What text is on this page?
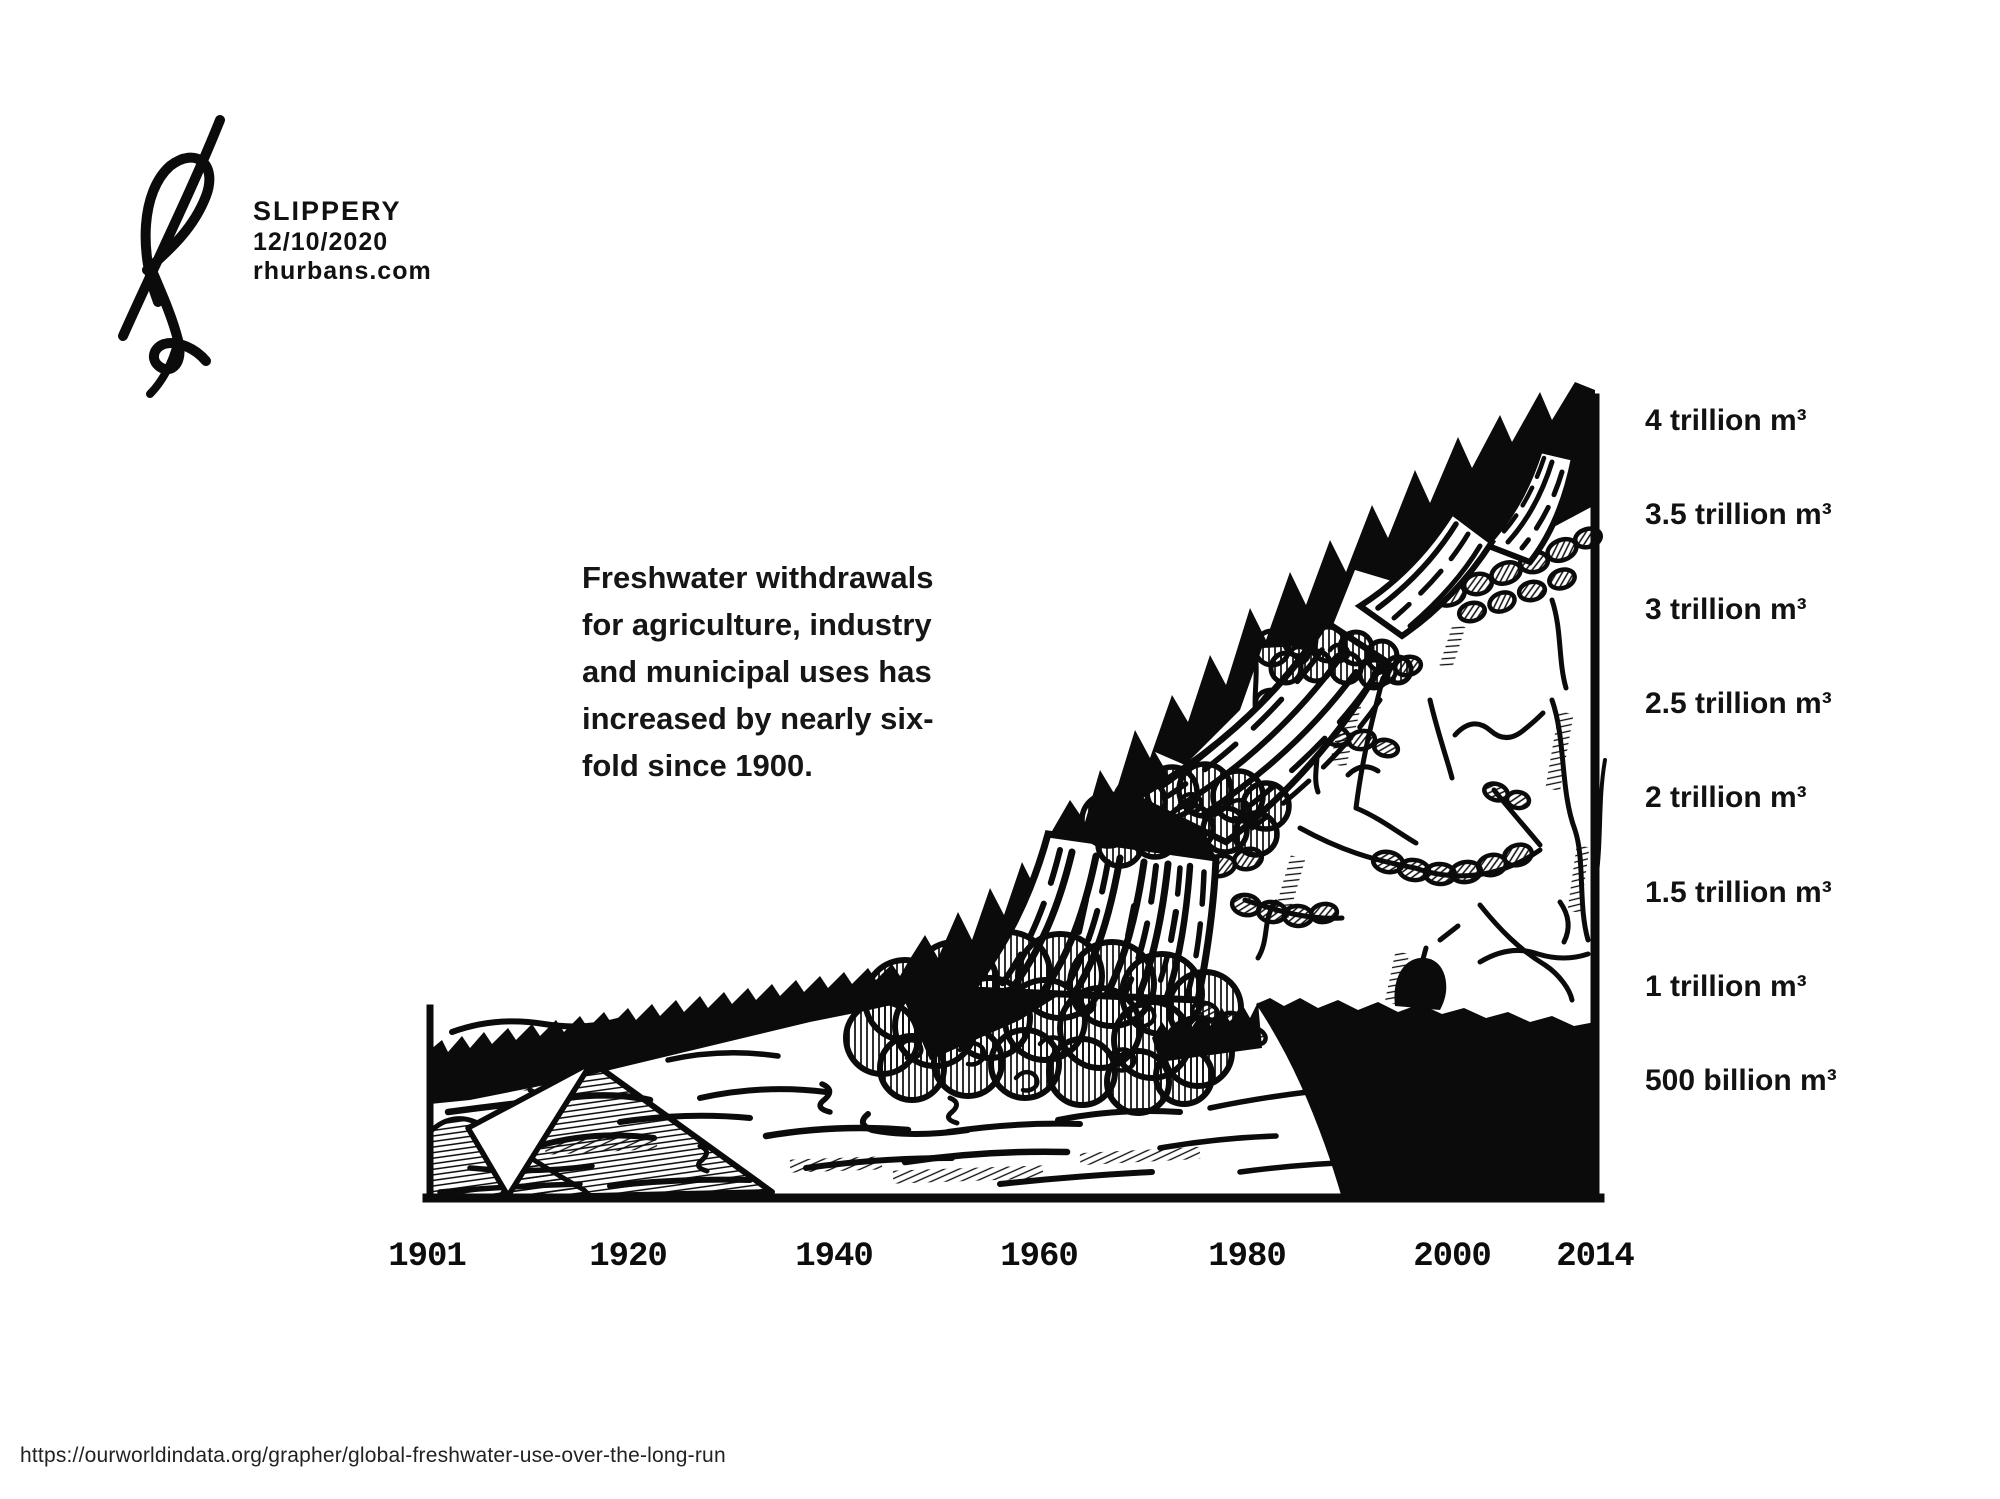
SLIPPERY
12/10/2020
rhurbans.com
Freshwater withdrawals
for agriculture, industry
and municipal uses has
increased by nearly six-
fold since 1900.
4 trillion m³
3.5 trillion m³
3 trillion m³
2.5 trillion m³
2 trillion m³
1.5 trillion m³
1 trillion m³
500 billion m³
1901	1920	1940	1960	1980	2000 2014
https://ourworldindata.org/grapher/global-freshwater-use-over-the-long-run
